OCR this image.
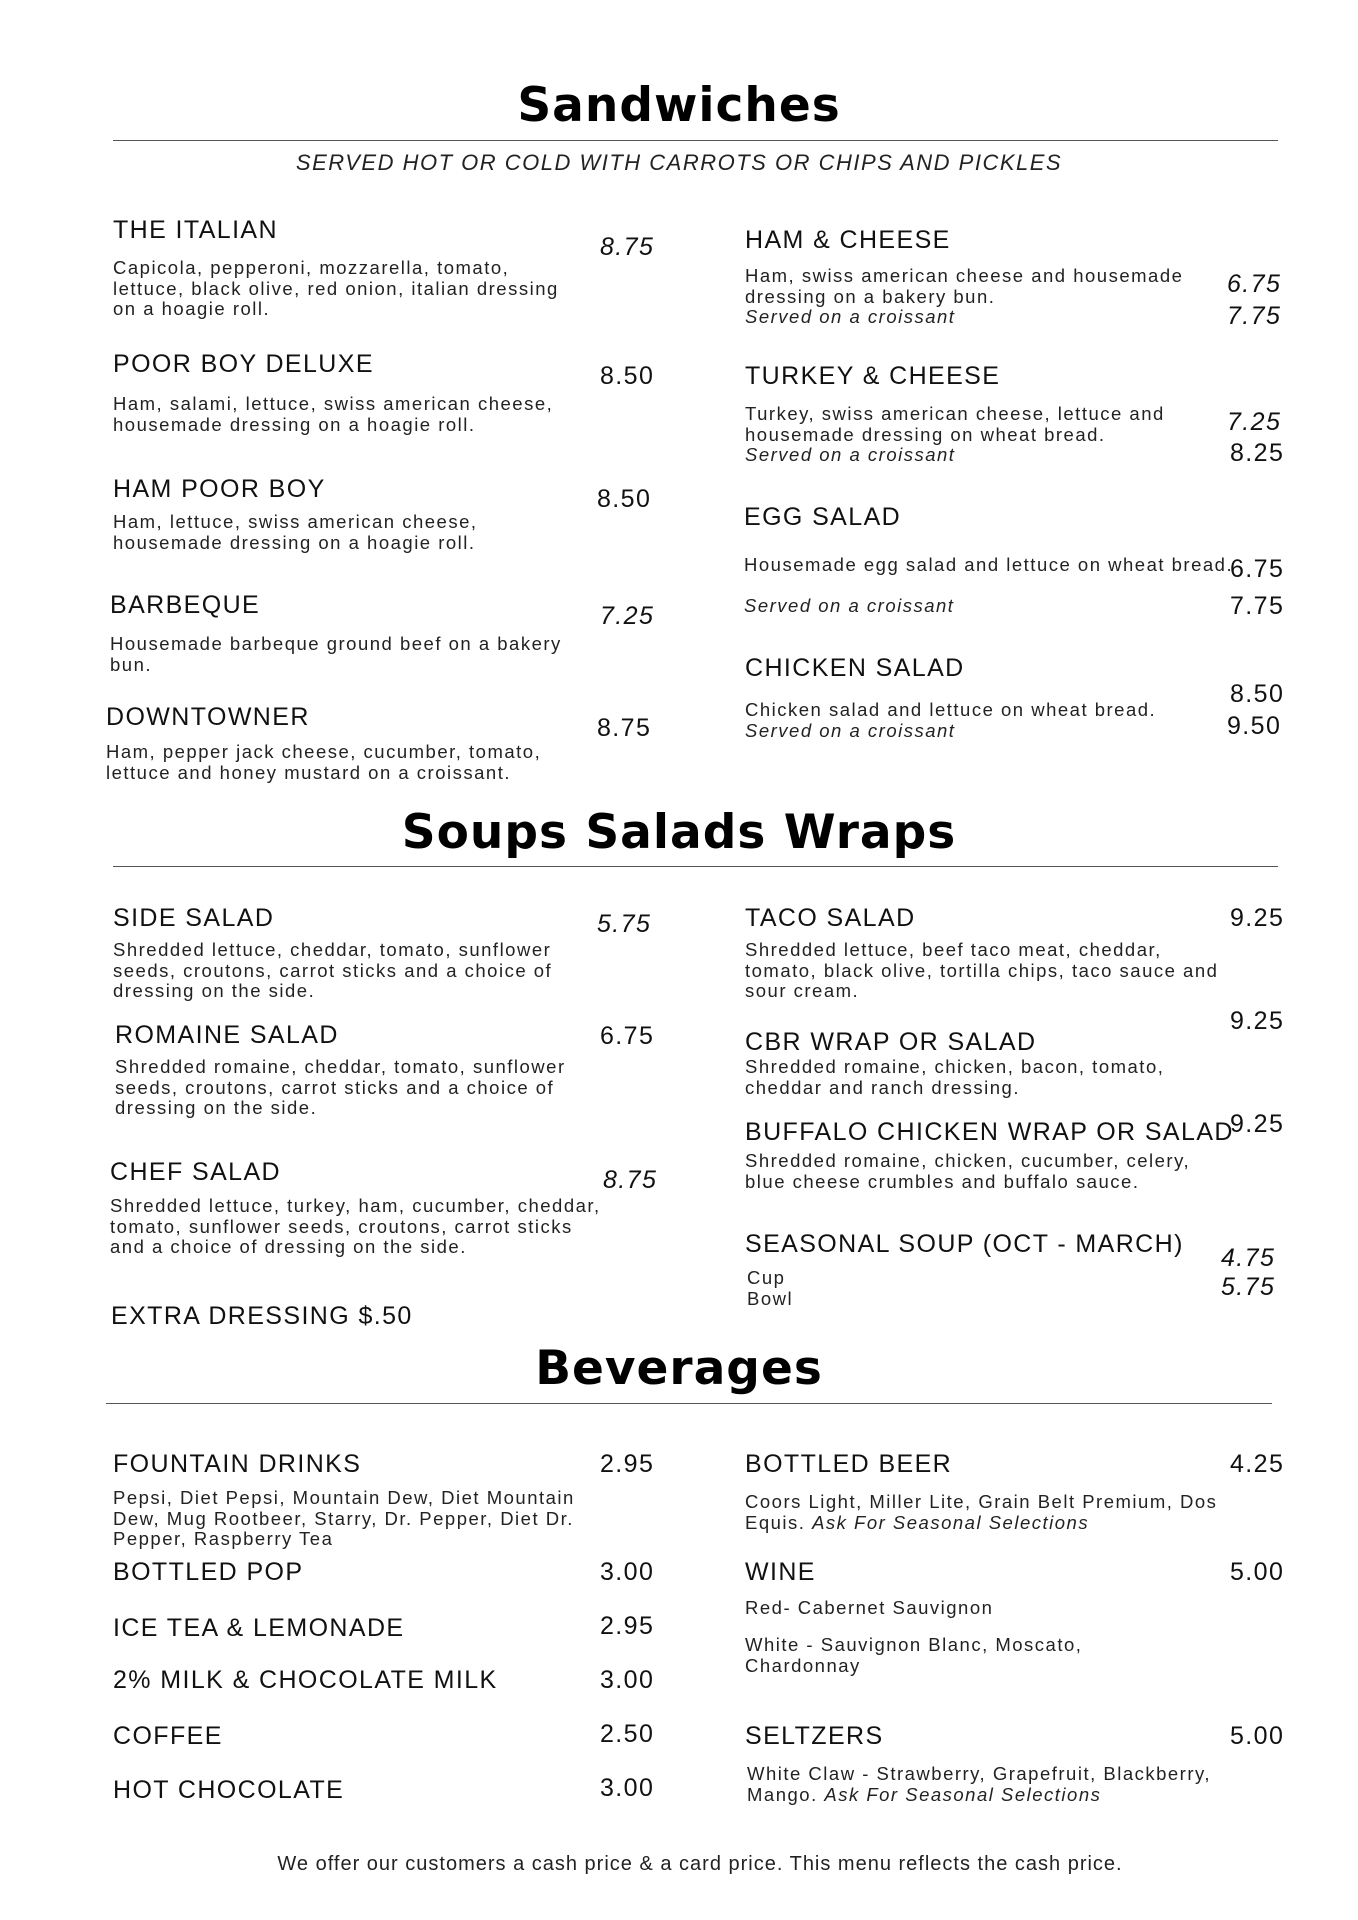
Sandwiches
SERVED HOT OR COLD WITH CARROTS OR CHIPS AND PICKLES
THE ITALIAN
Capicola, pepperoni, mozzarella, tomato, lettuce, black olive, red onion, italian dressing on a hoagie roll.
8.75
POOR BOY DELUXE
Ham, salami, lettuce, swiss american cheese, housemade dressing on a hoagie roll.
8.50
HAM POOR BOY
Ham, lettuce, swiss american cheese, housemade dressing on a hoagie roll.
8.50
BARBEQUE
Housemade barbeque ground beef on a bakery bun.
7.25
DOWNTOWNER
Ham, pepper jack cheese, cucumber, tomato, lettuce and honey mustard on a croissant.
8.75
HAM & CHEESE
Ham, swiss american cheese and housemade dressing on a bakery bun.
Served on a croissant
6.75
7.75
TURKEY & CHEESE
Turkey, swiss american cheese, lettuce and housemade dressing on wheat bread.
Served on a croissant
7.25
8.25
EGG SALAD
Housemade egg salad and lettuce on wheat bread.
Served on a croissant
6.75
7.75
CHICKEN SALAD
Chicken salad and lettuce on wheat bread.
Served on a croissant
8.50
9.50
Soups Salads Wraps
SIDE SALAD
Shredded lettuce, cheddar, tomato, sunflower seeds, croutons, carrot sticks and a choice of dressing on the side.
5.75
ROMAINE SALAD
Shredded romaine, cheddar, tomato, sunflower seeds, croutons, carrot sticks and a choice of dressing on the side.
6.75
CHEF SALAD
Shredded lettuce, turkey, ham, cucumber, cheddar, tomato, sunflower seeds, croutons, carrot sticks and a choice of dressing on the side.
8.75
EXTRA DRESSING $.50
TACO SALAD
Shredded lettuce, beef taco meat, cheddar, tomato, black olive, tortilla chips, taco sauce and sour cream.
9.25
CBR WRAP OR SALAD
Shredded romaine, chicken, bacon, tomato, cheddar and ranch dressing.
9.25
BUFFALO CHICKEN WRAP OR SALAD
Shredded romaine, chicken, cucumber, celery, blue cheese crumbles and buffalo sauce.
9.25
SEASONAL SOUP (OCT - MARCH)
Cup
Bowl
4.75
5.75
Beverages
FOUNTAIN DRINKS
Pepsi, Diet Pepsi, Mountain Dew, Diet Mountain Dew, Mug Rootbeer, Starry, Dr. Pepper, Diet Dr. Pepper, Raspberry Tea
2.95
BOTTLED POP	3.00
ICE TEA & LEMONADE	2.95
2% MILK & CHOCOLATE MILK	3.00
COFFEE	2.50
HOT CHOCOLATE	3.00
BOTTLED BEER
Coors Light, Miller Lite, Grain Belt Premium, Dos Equis. Ask For Seasonal Selections
4.25
WINE
Red- Cabernet Sauvignon
White - Sauvignon Blanc, Moscato, Chardonnay
5.00
SELTZERS
White Claw - Strawberry, Grapefruit, Blackberry, Mango. Ask For Seasonal Selections
5.00
We offer our customers a cash price & a card price. This menu reflects the cash price.
